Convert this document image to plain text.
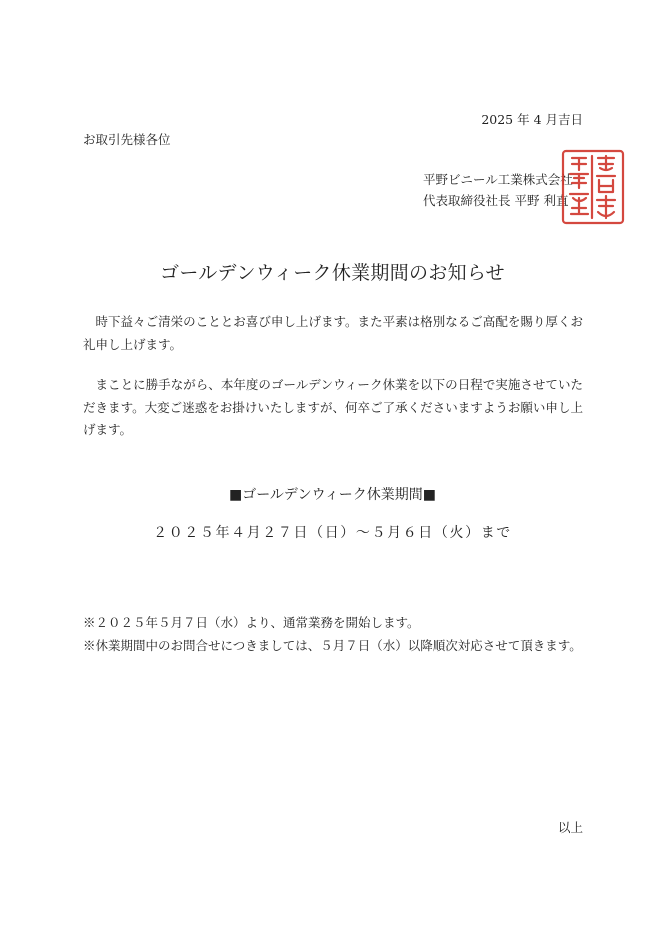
2025 年 4 月吉日
お取引先様各位
平野ビニール工業株式会社
代表取締役社長 平野 利直
ゴールデンウィーク休業期間のお知らせ
時下益々ご清栄のこととお喜び申し上げます。また平素は格別なるご高配を賜り厚くお礼申し上げます。
まことに勝手ながら、本年度のゴールデンウィーク休業を以下の日程で実施させていただきます。大変ご迷惑をお掛けいたしますが、何卒ご了承くださいますようお願い申し上げます。
■ゴールデンウィーク休業期間■
２０２５年４月２７日（日）～５月６日（火）まで
※２０２５年５月７日（水）より、通常業務を開始します。
※休業期間中のお問合せにつきましては、５月７日（水）以降順次対応させて頂きます。
以上
